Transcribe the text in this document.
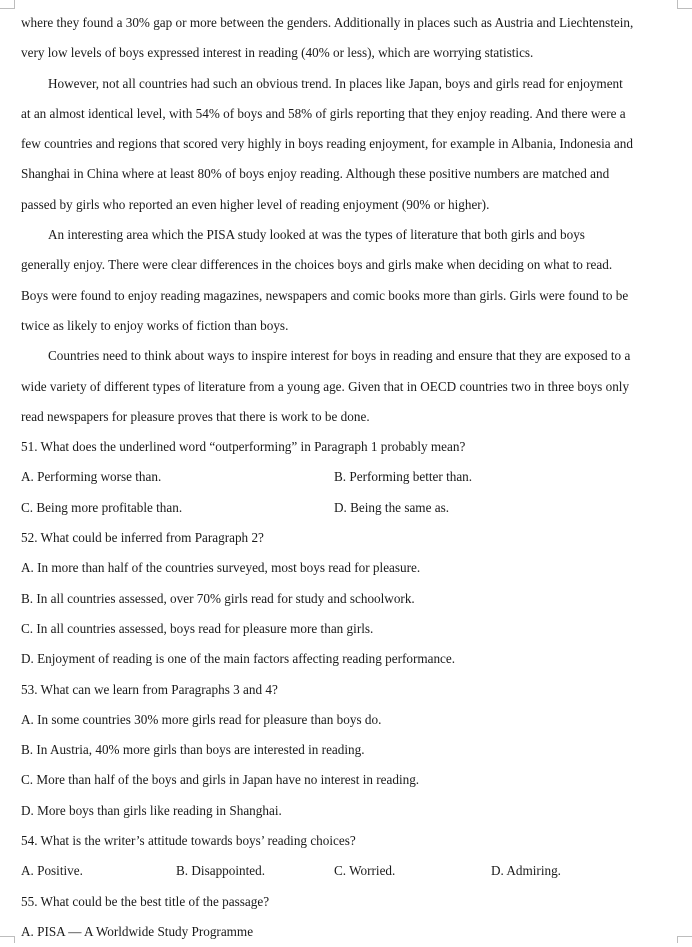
where they found a 30% gap or more between the genders. Additionally in places such as Austria and Liechtenstein,
very low levels of boys expressed interest in reading (40% or less), which are worrying statistics.
However, not all countries had such an obvious trend. In places like Japan, boys and girls read for enjoyment
at an almost identical level, with 54% of boys and 58% of girls reporting that they enjoy reading. And there were a
few countries and regions that scored very highly in boys reading enjoyment, for example in Albania, Indonesia and
Shanghai in China where at least 80% of boys enjoy reading. Although these positive numbers are matched and
passed by girls who reported an even higher level of reading enjoyment (90% or higher).
An interesting area which the PISA study looked at was the types of literature that both girls and boys
generally enjoy. There were clear differences in the choices boys and girls make when deciding on what to read.
Boys were found to enjoy reading magazines, newspapers and comic books more than girls. Girls were found to be
twice as likely to enjoy works of fiction than boys.
Countries need to think about ways to inspire interest for boys in reading and ensure that they are exposed to a
wide variety of different types of literature from a young age. Given that in OECD countries two in three boys only
read newspapers for pleasure proves that there is work to be done.
51. What does the underlined word “outperforming” in Paragraph 1 probably mean?
A. Performing worse than.	B. Performing better than.
C. Being more profitable than.	D. Being the same as.
52. What could be inferred from Paragraph 2?
A. In more than half of the countries surveyed, most boys read for pleasure.
B. In all countries assessed, over 70% girls read for study and schoolwork.
C. In all countries assessed, boys read for pleasure more than girls.
D. Enjoyment of reading is one of the main factors affecting reading performance.
53. What can we learn from Paragraphs 3 and 4?
A. In some countries 30% more girls read for pleasure than boys do.
B. In Austria, 40% more girls than boys are interested in reading.
C. More than half of the boys and girls in Japan have no interest in reading.
D. More boys than girls like reading in Shanghai.
54. What is the writer’s attitude towards boys’ reading choices?
A. Positive.	B. Disappointed.	C. Worried.	D. Admiring.
55. What could be the best title of the passage?
A. PISA — A Worldwide Study Programme
